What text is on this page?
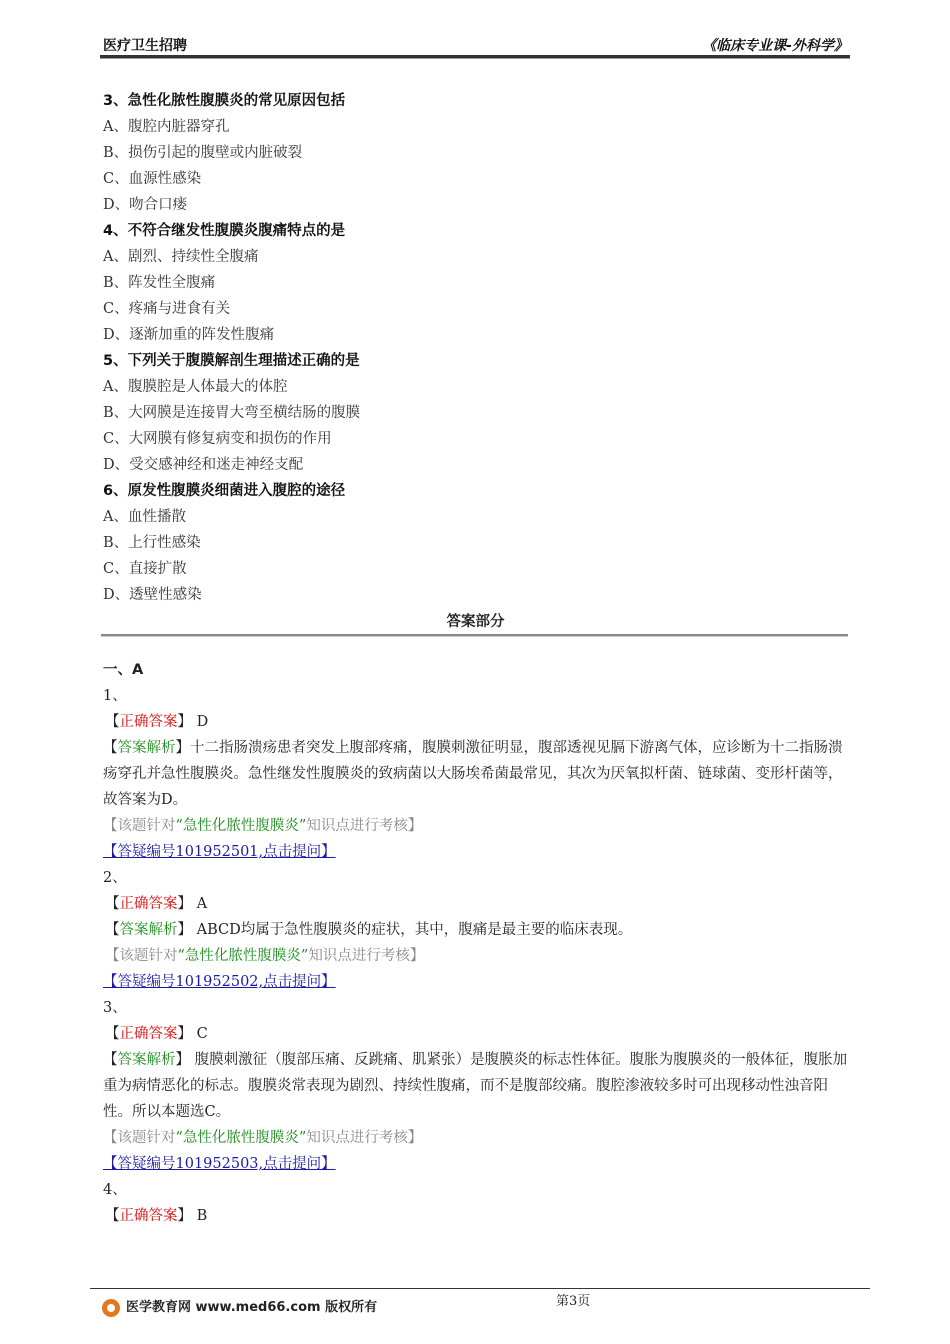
医疗卫生招聘	《临床专业课-外科学》
3、急性化脓性腹膜炎的常见原因包括
A、腹腔内脏器穿孔
B、损伤引起的腹壁或内脏破裂
C、血源性感染
D、吻合口瘘
4、不符合继发性腹膜炎腹痛特点的是
A、剧烈、持续性全腹痛
B、阵发性全腹痛
C、疼痛与进食有关
D、逐渐加重的阵发性腹痛
5、下列关于腹膜解剖生理描述正确的是
A、腹膜腔是人体最大的体腔
B、大网膜是连接胃大弯至横结肠的腹膜
C、大网膜有修复病变和损伤的作用
D、受交感神经和迷走神经支配
6、原发性腹膜炎细菌进入腹腔的途径
A、血性播散
B、上行性感染
C、直接扩散
D、透壁性感染
答案部分
一、A
1、
【正确答案】 D
【答案解析】十二指肠溃疡患者突发上腹部疼痛，腹膜刺激征明显，腹部透视见膈下游离气体，应诊断为十二指肠溃疡穿孔并急性腹膜炎。急性继发性腹膜炎的致病菌以大肠埃希菌最常见，其次为厌氧拟杆菌、链球菌、变形杆菌等，故答案为D。
【该题针对“急性化脓性腹膜炎”知识点进行考核】
【答疑编号101952501,点击提问】
2、
【正确答案】 A
【答案解析】 ABCD均属于急性腹膜炎的症状，其中，腹痛是最主要的临床表现。
【该题针对“急性化脓性腹膜炎”知识点进行考核】
【答疑编号101952502,点击提问】
3、
【正确答案】 C
【答案解析】 腹膜刺激征（腹部压痛、反跳痛、肌紧张）是腹膜炎的标志性体征。腹胀为腹膜炎的一般体征，腹胀加重为病情恶化的标志。腹膜炎常表现为剧烈、持续性腹痛，而不是腹部绞痛。腹腔渗液较多时可出现移动性浊音阳性。所以本题选C。
【该题针对“急性化脓性腹膜炎”知识点进行考核】
【答疑编号101952503,点击提问】
4、
【正确答案】 B
第3页
医学教育网 www.med66.com 版权所有
